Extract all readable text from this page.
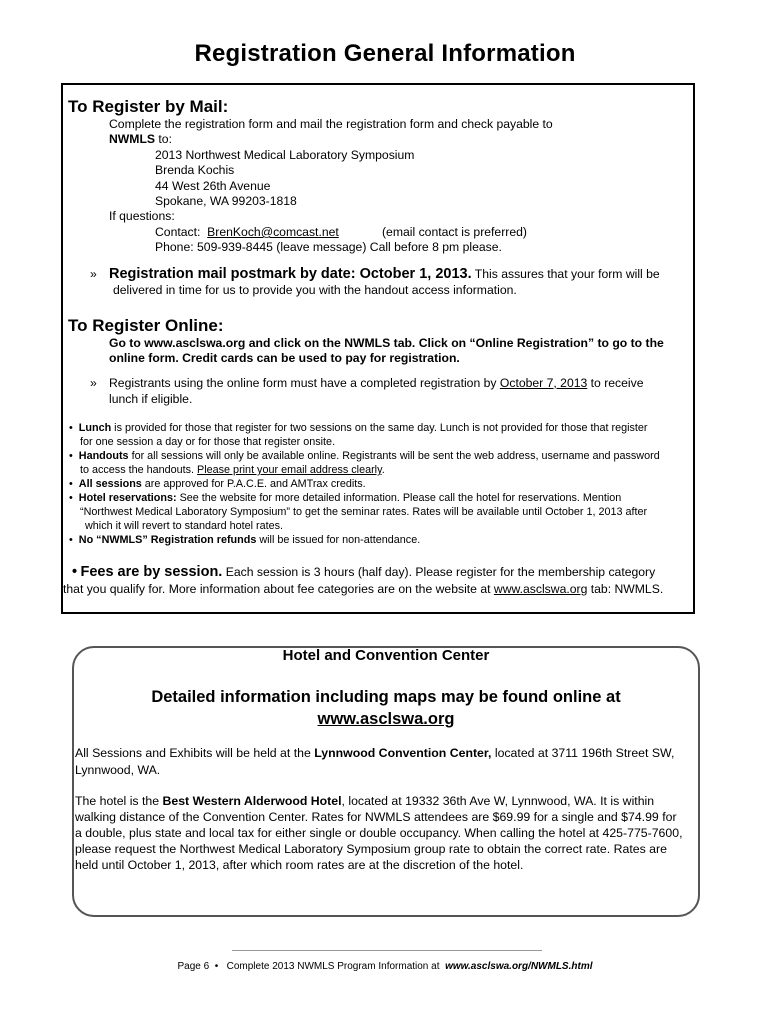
Registration General Information
To Register by Mail:
Complete the registration form and mail the registration form and check payable to
NWMLS to:
2013 Northwest Medical Laboratory Symposium
Brenda Kochis
44 West 26th Avenue
Spokane, WA 99203-1818
If questions:
Contact: BrenKoch@comcast.net	(email contact is preferred)
Phone: 509-939-8445 (leave message) Call before 8 pm please.
» Registration mail postmark by date: October 1, 2013. This assures that your form will be
delivered in time for us to provide you with the handout access information.
To Register Online:
Go to www.asclswa.org and click on the NWMLS tab. Click on “Online Registration” to go to the
online form. Credit cards can be used to pay for registration.
» Registrants using the online form must have a completed registration by October 7, 2013 to receive
lunch if eligible.
•  Lunch is provided for those that register for two sessions on the same day. Lunch is not provided for those that register
for one session a day or for those that register onsite.
•  Handouts for all sessions will only be available online. Registrants will be sent the web address, username and password
to access the handouts. Please print your email address clearly.
•  All sessions are approved for P.A.C.E. and AMTrax credits.
•  Hotel reservations: See the website for more detailed information. Please call the hotel for reservations. Mention
“Northwest Medical Laboratory Symposium” to get the seminar rates. Rates will be available until October 1, 2013 after
which it will revert to standard hotel rates.
•  No “NWMLS” Registration refunds will be issued for non-attendance.
• Fees are by session. Each session is 3 hours (half day). Please register for the membership category
that you qualify for. More information about fee categories are on the website at www.asclswa.org tab: NWMLS.
Hotel and Convention Center
Detailed information including maps may be found online at
www.asclswa.org
All Sessions and Exhibits will be held at the Lynnwood Convention Center, located at 3711 196th Street SW,
Lynnwood, WA.
The hotel is the Best Western Alderwood Hotel, located at 19332 36th Ave W, Lynnwood, WA. It is within
walking distance of the Convention Center. Rates for NWMLS attendees are $69.99 for a single and $74.99 for
a double, plus state and local tax for either single or double occupancy. When calling the hotel at 425-775-7600,
please request the Northwest Medical Laboratory Symposium group rate to obtain the correct rate. Rates are
held until October 1, 2013, after which room rates are at the discretion of the hotel.
Page 6 • Complete 2013 NWMLS Program Information at www.asclswa.org/NWMLS.html
